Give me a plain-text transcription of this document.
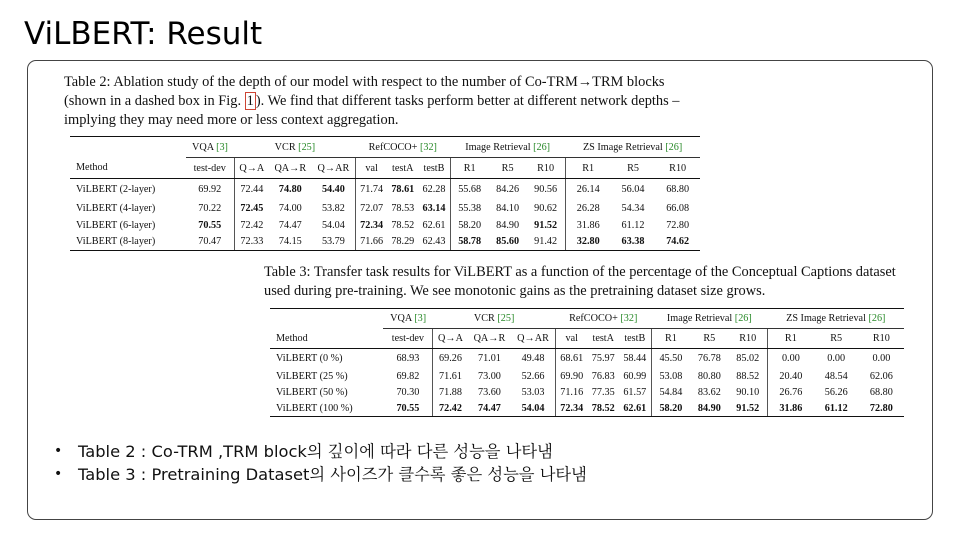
ViLBERT: Result
Table 2: Ablation study of the depth of our model with respect to the number of Co-TRM→TRM blocks (shown in a dashed box in Fig. 1 ). We find that different tasks perform better at different network depths – implying they may need more or less context aggregation.
	VQA [3]	VCR [25]			RefCOCO+ [32]			Image Retrieval [26]			ZS Image Retrieval [26]		
Method	test-dev	Q→A	QA→R	Q→AR	val	testA	testB	R1	R5	R10	R1	R5	R10
ViLBERT (2-layer)	69.92	72.44	74.80	54.40	71.74	78.61	62.28	55.68	84.26	90.56	26.14	56.04	68.80
ViLBERT (4-layer)	70.22	72.45	74.00	53.82	72.07	78.53	63.14	55.38	84.10	90.62	26.28	54.34	66.08
ViLBERT (6-layer)	70.55	72.42	74.47	54.04	72.34	78.52	62.61	58.20	84.90	91.52	31.86	61.12	72.80
ViLBERT (8-layer)	70.47	72.33	74.15	53.79	71.66	78.29	62.43	58.78	85.60	91.42	32.80	63.38	74.62
Table 3: Transfer task results for ViLBERT as a function of the percentage of the Conceptual Captions dataset used during pre-training. We see monotonic gains as the pretraining dataset size grows.
	VQA [3]	VCR [25]			RefCOCO+ [32]			Image Retrieval [26]			ZS Image Retrieval [26]		
Method	test-dev	Q→A	QA→R	Q→AR	val	testA	testB	R1	R5	R10	R1	R5	R10
ViLBERT (0 %)	68.93	69.26	71.01	49.48	68.61	75.97	58.44	45.50	76.78	85.02	0.00	0.00	0.00
ViLBERT (25 %)	69.82	71.61	73.00	52.66	69.90	76.83	60.99	53.08	80.80	88.52	20.40	48.54	62.06
ViLBERT (50 %)	70.30	71.88	73.60	53.03	71.16	77.35	61.57	54.84	83.62	90.10	26.76	56.26	68.80
ViLBERT (100 %)	70.55	72.42	74.47	54.04	72.34	78.52	62.61	58.20	84.90	91.52	31.86	61.12	72.80
• Table 2 : Co-TRM ,TRM block의 깊이에 따라 다른 성능을 나타냄
• Table 3 : Pretraining Dataset의 사이즈가 클수록 좋은 성능을 나타냄
